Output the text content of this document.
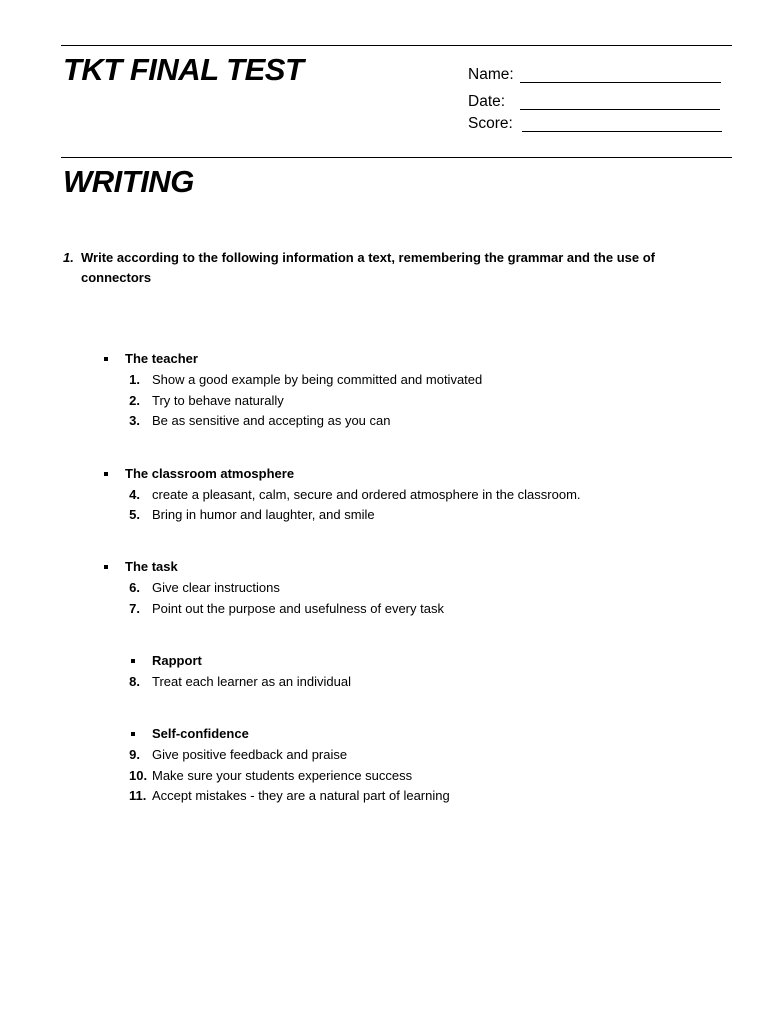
TKT FINAL TEST	Name:
Date:
Score:
WRITING
1. Write according to the following information a text, remembering the grammar and the use of connectors
The teacher
1. Show a good example by being committed and motivated
2. Try to behave naturally
3. Be as sensitive and accepting as you can
The classroom atmosphere
4. create a pleasant, calm, secure and ordered atmosphere in the classroom.
5. Bring in humor and laughter, and smile
The task
6. Give clear instructions
7. Point out the purpose and usefulness of every task
Rapport
8. Treat each learner as an individual
Self-confidence
9. Give positive feedback and praise
10. Make sure your students experience success
11. Accept mistakes - they are a natural part of learning
